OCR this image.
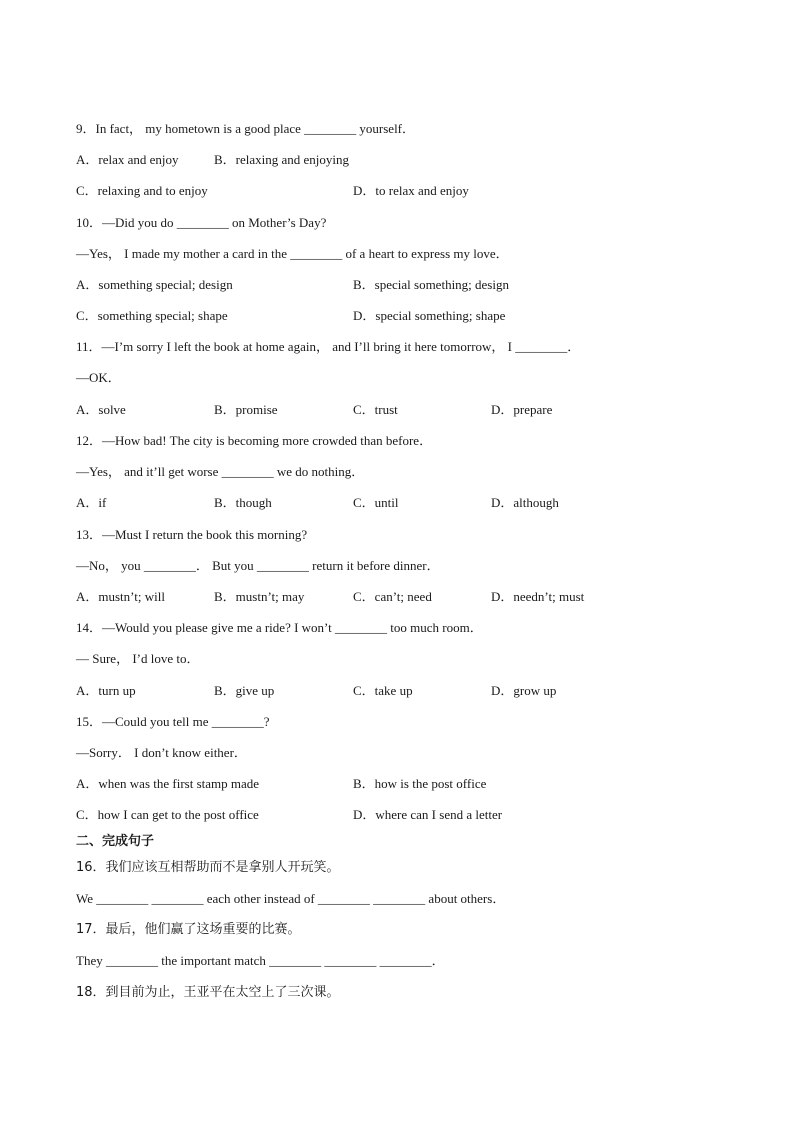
9．In fact， my hometown is a good place ________ yourself．
A．relax and enjoy	B．relaxing and enjoying
C．relaxing and to enjoy	D．to relax and enjoy
10．—Did you do ________ on Mother’s Day?
—Yes， I made my mother a card in the ________ of a heart to express my love．
A．something special; design	B．special something; design
C．something special; shape	D．special something; shape
11．—I’m sorry I left the book at home again， and I’ll bring it here tomorrow， I ________．
—OK．
A．solve	B．promise	C．trust	D．prepare
12．—How bad! The city is becoming more crowded than before．
—Yes， and it’ll get worse ________ we do nothing．
A．if	B．though	C．until	D．although
13．—Must I return the book this morning?
—No， you ________． But you ________ return it before dinner．
A．mustn’t; will	B．mustn’t; may	C．can’t; need	D．needn’t; must
14．—Would you please give me a ride? I won’t ________ too much room．
— Sure， I’d love to．
A．turn up	B．give up	C．take up	D．grow up
15．—Could you tell me ________?
—Sorry． I don’t know either．
A．when was the first stamp made	B．how is the post office
C．how I can get to the post office	D．where can I send a letter
二、完成句子
16．我们应该互相帮助而不是拿别人开玩笑。
We ________ ________ each other instead of ________ ________ about others．
17．最后，他们赢了这场重要的比赛。
They ________ the important match ________ ________ ________．
18．到目前为止，王亚平在太空上了三次课。
